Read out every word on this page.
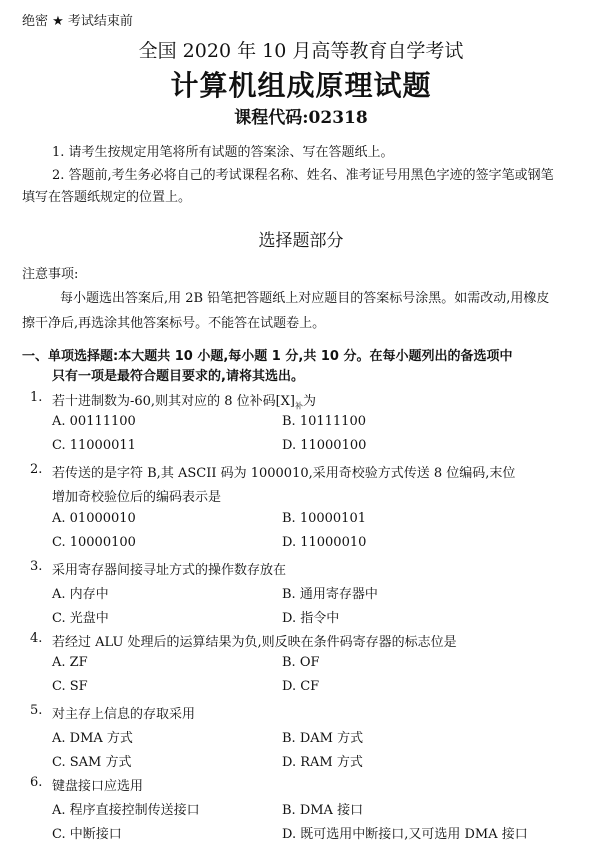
绝密 ★ 考试结束前
全国 2020 年 10 月高等教育自学考试
计算机组成原理试题
课程代码:02318
1. 请考生按规定用笔将所有试题的答案涂、写在答题纸上。
2. 答题前,考生务必将自己的考试课程名称、姓名、准考证号用黑色字迹的签字笔或钢笔
填写在答题纸规定的位置上。
选择题部分
注意事项:
每小题选出答案后,用 2B 铅笔把答题纸上对应题目的答案标号涂黑。如需改动,用橡皮
擦干净后,再选涂其他答案标号。不能答在试题卷上。
一、单项选择题:本大题共 10 小题,每小题 1 分,共 10 分。在每小题列出的备选项中
只有一项是最符合题目要求的,请将其选出。
1. 若十进制数为-60,则其对应的 8 位补码$[X]_补$为
A. 00111100	B. 10111100
C. 11000011	D. 11000100
2. 若传送的是字符 B,其 ASCII 码为 1000010,采用奇校验方式传送 8 位编码,末位
增加奇校验位后的编码表示是
A. 01000010	B. 10000101
C. 10000100	D. 11000010
3. 采用寄存器间接寻址方式的操作数存放在
A. 内存中	B. 通用寄存器中
C. 光盘中	D. 指令中
4. 若经过 ALU 处理后的运算结果为负,则反映在条件码寄存器的标志位是
A. ZF	B. OF
C. SF	D. CF
5. 对主存上信息的存取采用
A. DMA 方式	B. DAM 方式
C. SAM 方式	D. RAM 方式
6. 键盘接口应选用
A. 程序直接控制传送接口	B. DMA 接口
C. 中断接口	D. 既可选用中断接口,又可选用 DMA 接口
